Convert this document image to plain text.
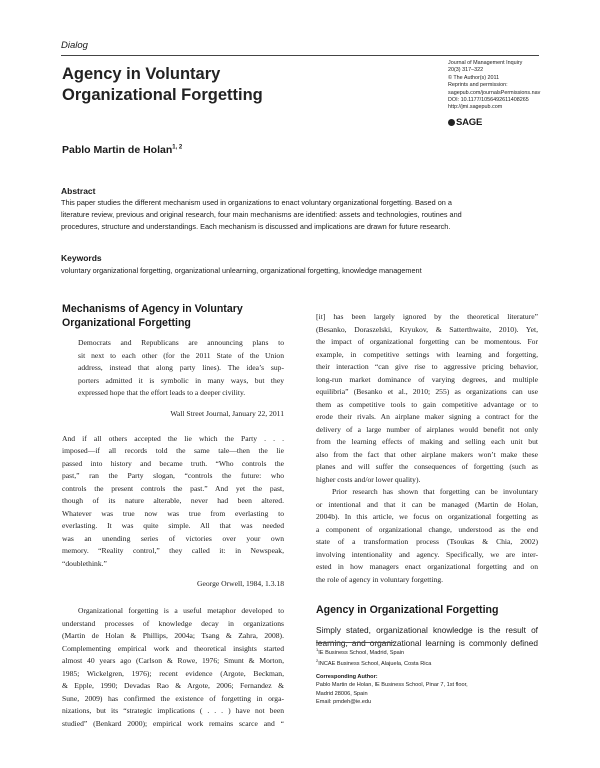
Dialog
Agency in Voluntary
Organizational Forgetting
Journal of Management Inquiry
20(3) 317–322
© The Author(s) 2011
Reprints and permission:
sagepub.com/journalsPermissions.nav
DOI: 10.1177/1056492611408265
http://jmi.sagepub.com
SAGE
Pablo Martin de Holan$^{1, 2}$
Abstract
This paper studies the different mechanism used in organizations to enact voluntary organizational forgetting. Based on a
literature review, previous and original research, four main mechanisms are identified: assets and technologies, routines and
procedures, structure and understandings. Each mechanism is discussed and implications are drawn for future research.
Keywords
voluntary organizational forgetting, organizational unlearning, organizational forgetting, knowledge management
Mechanisms of Agency in Voluntary
Organizational Forgetting
Democrats and Republicans are announcing plans to
sit next to each other (for the 2011 State of the Union
address, instead that along party lines). The idea’s sup-
porters admitted it is symbolic in many ways, but they
expressed hope that the effort leads to a deeper civility.
Wall Street Journal, January 22, 2011
And if all others accepted the lie which the Party . . .
imposed—if all records told the same tale—then the lie
passed into history and became truth. “Who controls the
past,” ran the Party slogan, “controls the future: who
controls the present controls the past.” And yet the past,
though of its nature alterable, never had been altered.
Whatever was true now was true from everlasting to
everlasting. It was quite simple. All that was needed
was an unending series of victories over your own
memory. “Reality control,” they called it: in Newspeak,
“doublethink.”
George Orwell, 1984, 1.3.18
Organizational forgetting is a useful metaphor developed to
understand processes of knowledge decay in organizations
(Martin de Holan & Phillips, 2004a; Tsang & Zahra, 2008).
Complementing empirical work and theoretical insights started
almost 40 years ago (Carlson & Rowe, 1976; Smunt & Morton,
1985; Wickelgren, 1976); recent evidence (Argote, Beckman,
& Epple, 1990; Devadas Rao & Argote, 2006; Fernandez &
Sune, 2009) has confirmed the existence of forgetting in orga-
nizations, but its “strategic implications ( . . . ) have not been
studied” (Benkard 2000); empirical work remains scarce and “
[it] has been largely ignored by the theoretical literature”
(Besanko, Doraszelski, Kryukov, & Satterthwaite, 2010). Yet,
the impact of organizational forgetting can be momentous. For
example, in competitive settings with learning and forgetting,
their interaction “can give rise to aggressive pricing behavior,
long-run market dominance of varying degrees, and multiple
equilibria” (Besanko et al., 2010; 255) as organizations can use
them as competitive tools to gain competitive advantage or to
erode their rivals. An airplane maker signing a contract for the
delivery of a large number of airplanes would benefit not only
from the learning effects of making and selling each unit but
also from the fact that other airplane makers won’t make these
planes and will suffer the consequences of forgetting (such as
higher costs and/or lower quality).
Prior research has shown that forgetting can be involuntary
or intentional and that it can be managed (Martin de Holan,
2004b). In this article, we focus on organizational forgetting as
a component of organizational change, understood as the end
state of a transformation process (Tsoukas & Chia, 2002)
involving intentionality and agency. Specifically, we are inter-
ested in how managers enact organizational forgetting and on
the role of agency in voluntary forgetting.
Agency in Organizational Forgetting
Simply stated, organizational knowledge is the result of
learning, and organizational learning is commonly defined
$^1$IE Business School, Madrid, Spain
$^2$INCAE Business School, Alajuela, Costa Rica
Corresponding Author:
Pablo Martin de Holan, IE Business School, Pinar 7, 1st floor,
Madrid 28006, Spain
Email: pmdeh@ie.edu
